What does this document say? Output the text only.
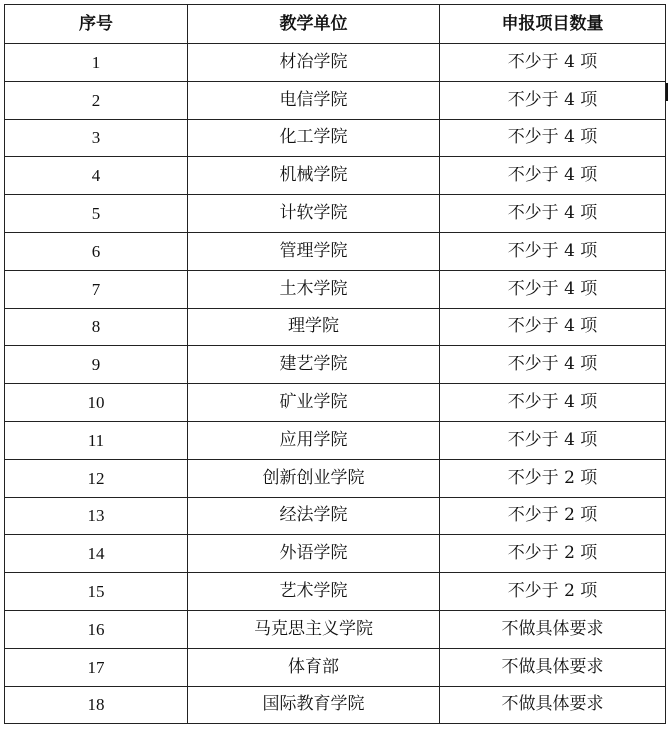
序号	教学单位	申报项目数量
1	材冶学院	不少于 4 项
2	电信学院	不少于 4 项
3	化工学院	不少于 4 项
4	机械学院	不少于 4 项
5	计软学院	不少于 4 项
6	管理学院	不少于 4 项
7	土木学院	不少于 4 项
8	理学院	不少于 4 项
9	建艺学院	不少于 4 项
10	矿业学院	不少于 4 项
11	应用学院	不少于 4 项
12	创新创业学院	不少于 2 项
13	经法学院	不少于 2 项
14	外语学院	不少于 2 项
15	艺术学院	不少于 2 项
16	马克思主义学院	不做具体要求
17	体育部	不做具体要求
18	国际教育学院	不做具体要求
